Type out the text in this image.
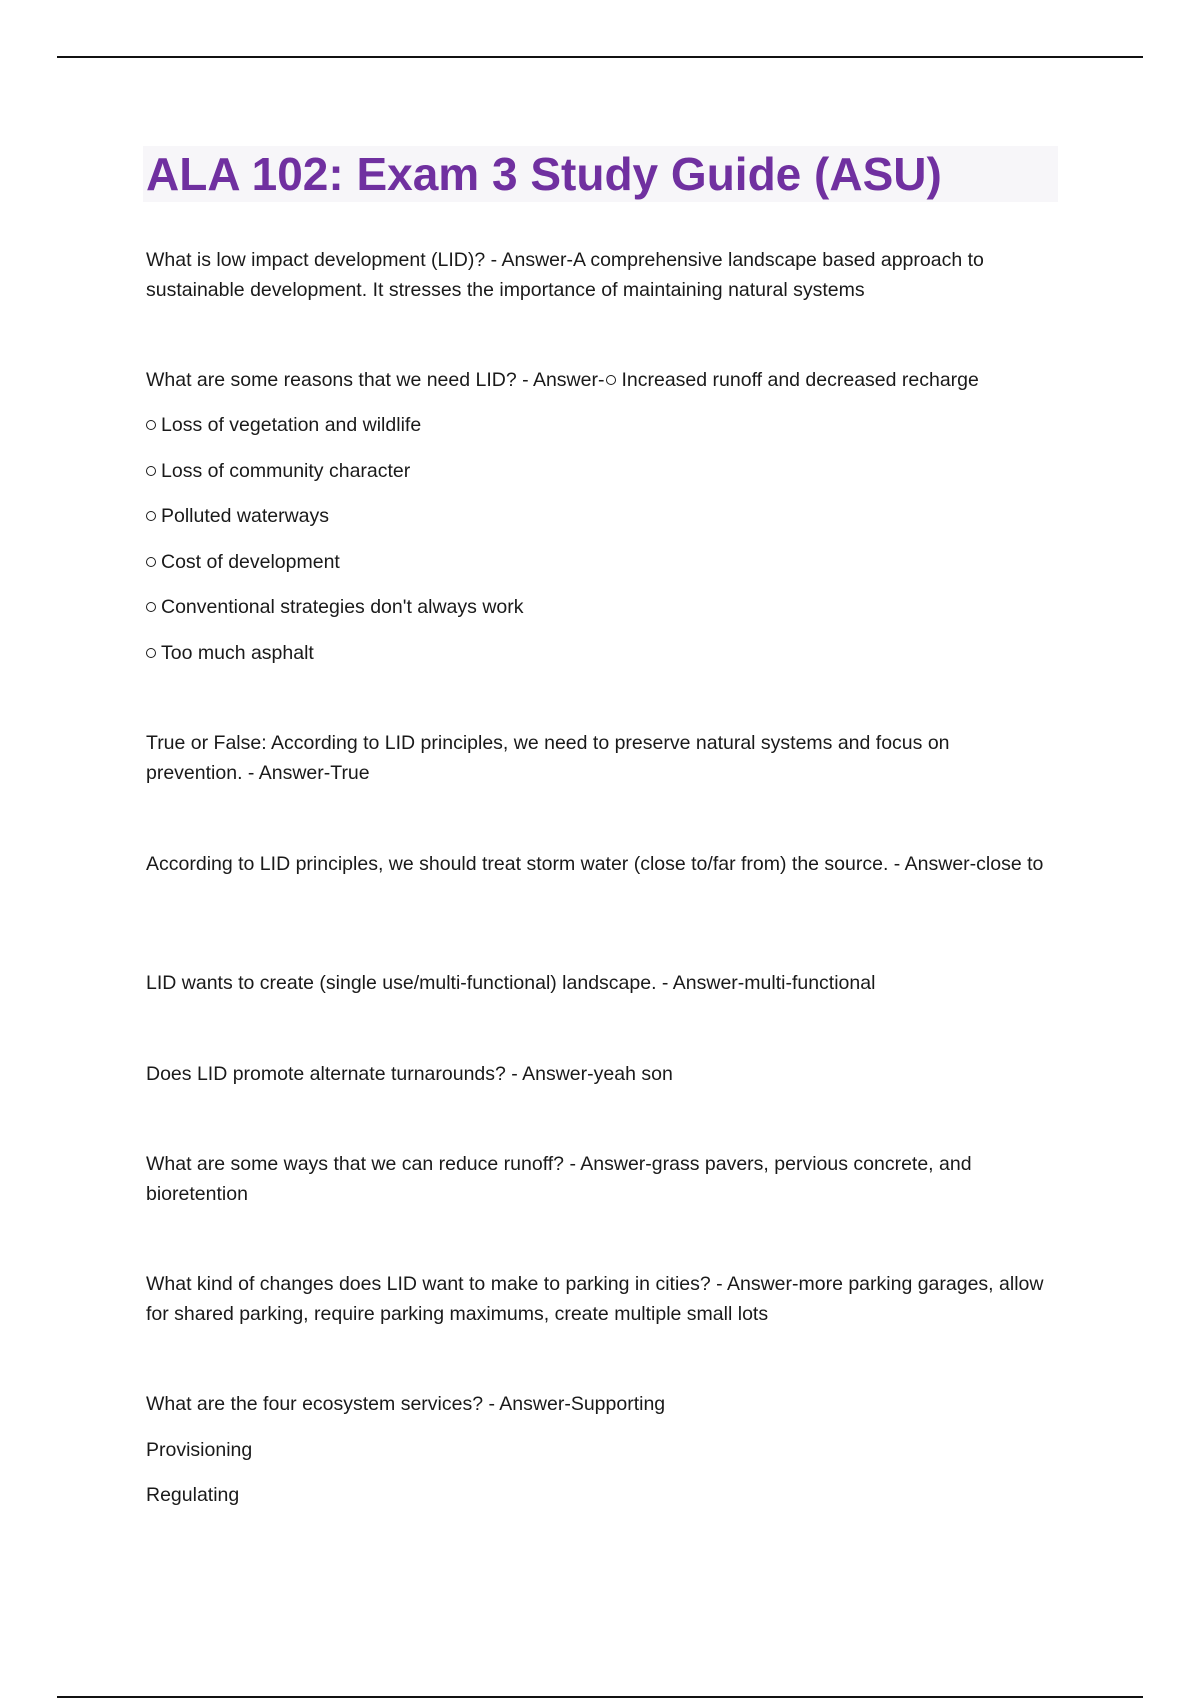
ALA 102: Exam 3 Study Guide (ASU)

What is low impact development (LID)? - Answer-A comprehensive landscape based approach to sustainable development. It stresses the importance of maintaining natural systems

What are some reasons that we need LID? - Answer- Increased runoff and decreased recharge

Loss of vegetation and wildlife

Loss of community character

Polluted waterways

Cost of development

Conventional strategies don't always work

Too much asphalt

True or False: According to LID principles, we need to preserve natural systems and focus on prevention. - Answer-True

According to LID principles, we should treat storm water (close to/far from) the source. - Answer-close to

LID wants to create (single use/multi-functional) landscape. - Answer-multi-functional

Does LID promote alternate turnarounds? - Answer-yeah son

What are some ways that we can reduce runoff? - Answer-grass pavers, pervious concrete, and bioretention

What kind of changes does LID want to make to parking in cities? - Answer-more parking garages, allow for shared parking, require parking maximums, create multiple small lots

What are the four ecosystem services? - Answer-Supporting

Provisioning

Regulating
